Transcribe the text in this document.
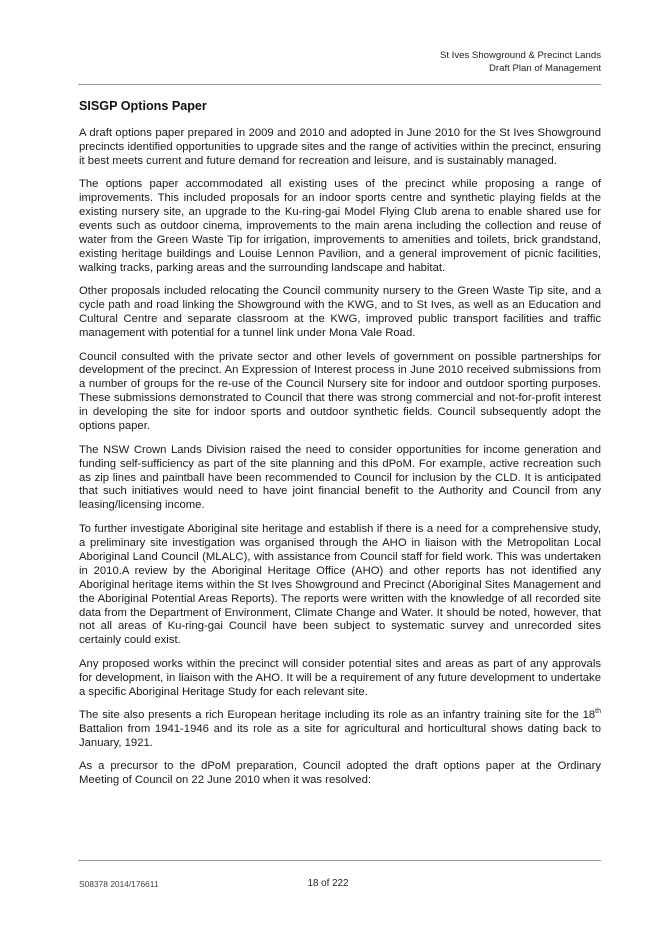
St Ives Showground & Precinct Lands
Draft Plan of Management
SISGP Options Paper

A draft options paper prepared in 2009 and 2010 and adopted in June 2010 for the St Ives Showground precincts identified opportunities to upgrade sites and the range of activities within the precinct, ensuring it best meets current and future demand for recreation and leisure, and is sustainably managed.

The options paper accommodated all existing uses of the precinct while proposing a range of improvements. This included proposals for an indoor sports centre and synthetic playing fields at the existing nursery site, an upgrade to the Ku-ring-gai Model Flying Club arena to enable shared use for events such as outdoor cinema, improvements to the main arena including the collection and reuse of water from the Green Waste Tip for irrigation, improvements to amenities and toilets, brick grandstand, existing heritage buildings and Louise Lennon Pavilion, and a general improvement of picnic facilities, walking tracks, parking areas and the surrounding landscape and habitat.

Other proposals included relocating the Council community nursery to the Green Waste Tip site, and a cycle path and road linking the Showground with the KWG, and to St Ives, as well as an Education and Cultural Centre and separate classroom at the KWG, improved public transport facilities and traffic management with potential for a tunnel link under Mona Vale Road.

Council consulted with the private sector and other levels of government on possible partnerships for development of the precinct. An Expression of Interest process in June 2010 received submissions from a number of groups for the re-use of the Council Nursery site for indoor and outdoor sporting purposes. These submissions demonstrated to Council that there was strong commercial and not-for-profit interest in developing the site for indoor sports and outdoor synthetic fields. Council subsequently adopt the options paper.

The NSW Crown Lands Division raised the need to consider opportunities for income generation and funding self-sufficiency as part of the site planning and this dPoM. For example, active recreation such as zip lines and paintball have been recommended to Council for inclusion by the CLD. It is anticipated that such initiatives would need to have joint financial benefit to the Authority and Council from any leasing/licensing income.

To further investigate Aboriginal site heritage and establish if there is a need for a comprehensive study, a preliminary site investigation was organised through the AHO in liaison with the Metropolitan Local Aboriginal Land Council (MLALC), with assistance from Council staff for field work. This was undertaken in 2010.A review by the Aboriginal Heritage Office (AHO) and other reports has not identified any Aboriginal heritage items within the St Ives Showground and Precinct (Aboriginal Sites Management and the Aboriginal Potential Areas Reports). The reports were written with the knowledge of all recorded site data from the Department of Environment, Climate Change and Water. It should be noted, however, that not all areas of Ku-ring-gai Council have been subject to systematic survey and unrecorded sites certainly could exist.

Any proposed works within the precinct will consider potential sites and areas as part of any approvals for development, in liaison with the AHO. It will be a requirement of any future development to undertake a specific Aboriginal Heritage Study for each relevant site.

The site also presents a rich European heritage including its role as an infantry training site for the 18th Battalion from 1941-1946 and its role as a site for agricultural and horticultural shows dating back to January, 1921.

As a precursor to the dPoM preparation, Council adopted the draft options paper at the Ordinary Meeting of Council on 22 June 2010 when it was resolved:

S08378 2014/176611	18 of 222
